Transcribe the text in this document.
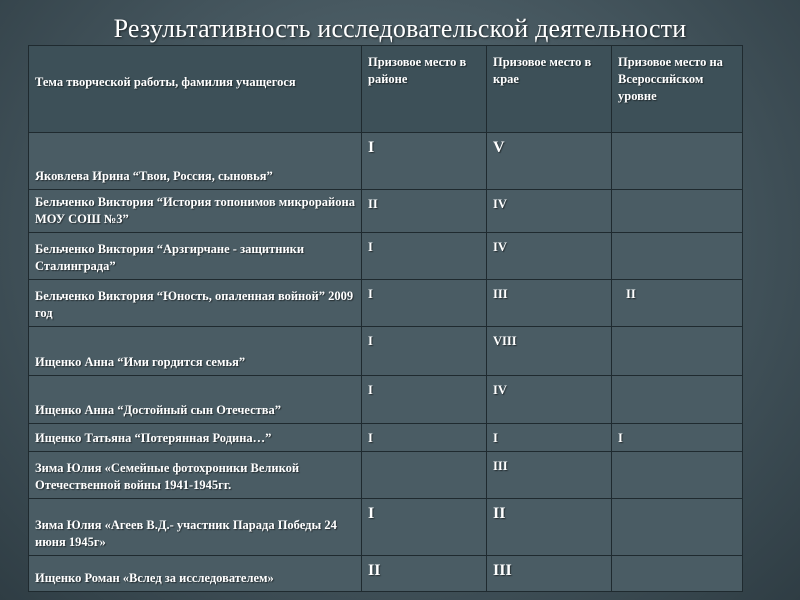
Результативность исследовательской деятельности
Тема творческой работы, фамилия учащегося	Призовое место в районе	Призовое место в крае	Призовое место на Всероссийском уровне
Яковлева Ирина “Твои, Россия, сыновья”	I	V	
Бельченко Виктория “История топонимов микрорайона МОУ СОШ №3”	II	IV	
Бельченко Виктория “Арзгирчане - защитники Сталинграда”	I	IV	
Бельченко Виктория “Юность, опаленная войной” 2009 год	I	III	II
Ищенко Анна “Ими гордится семья”	I	VIII	
Ищенко Анна “Достойный сын Отечества”	I	IV	
Ищенко Татьяна “Потерянная Родина…”	I	I	I
Зима Юлия «Семейные фотохроники Великой Отечественной войны 1941-1945гг.		III	
Зима Юлия «Агеев В.Д.- участник Парада Победы 24 июня 1945г»	I	II	
Ищенко Роман «Вслед за исследователем»	II	III	
